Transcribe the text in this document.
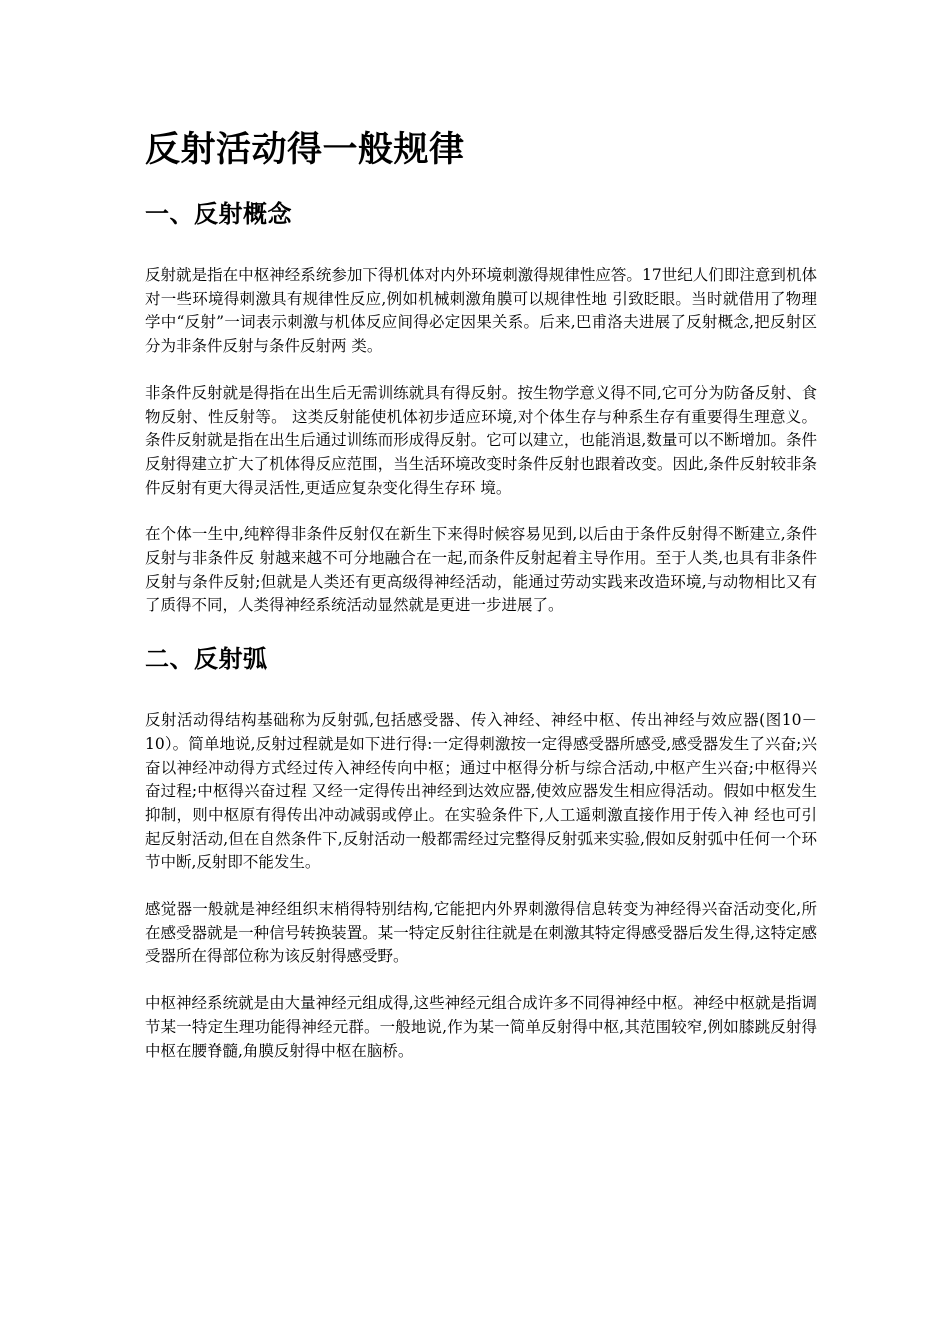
反射活动得一般规律
一、反射概念

反射就是指在中枢神经系统参加下得机体对内外环境刺激得规律性应答。17世纪人们即注意到机体对一些环境得刺激具有规律性反应,例如机械刺激角膜可以规律性地 引致眨眼。当时就借用了物理学中“反射”一词表示刺激与机体反应间得必定因果关系。后来,巴甫洛夫进展了反射概念,把反射区分为非条件反射与条件反射两 类。

非条件反射就是得指在出生后无需训练就具有得反射。按生物学意义得不同,它可分为防备反射、食物反射、性反射等。 这类反射能使机体初步适应环境,对个体生存与种系生存有重要得生理意义。条件反射就是指在出生后通过训练而形成得反射。它可以建立，也能消退,数量可以不断增加。条件反射得建立扩大了机体得反应范围，当生活环境改变时条件反射也跟着改变。因此,条件反射较非条件反射有更大得灵活性,更适应复杂变化得生存环 境。

在个体一生中,纯粹得非条件反射仅在新生下来得时候容易见到,以后由于条件反射得不断建立,条件反射与非条件反 射越来越不可分地融合在一起,而条件反射起着主导作用。至于人类,也具有非条件反射与条件反射;但就是人类还有更高级得神经活动，能通过劳动实践来改造环境,与动物相比又有了质得不同，人类得神经系统活动显然就是更进一步进展了。

二、反射弧

反射活动得结构基础称为反射弧,包括感受器、传入神经、神经中枢、传出神经与效应器(图10－10）。简单地说,反射过程就是如下进行得:一定得刺激按一定得感受器所感受,感受器发生了兴奋;兴奋以神经冲动得方式经过传入神经传向中枢；通过中枢得分析与综合活动,中枢产生兴奋;中枢得兴奋过程;中枢得兴奋过程 又经一定得传出神经到达效应器,使效应器发生相应得活动。假如中枢发生抑制，则中枢原有得传出冲动减弱或停止。在实验条件下,人工遥刺激直接作用于传入神 经也可引起反射活动,但在自然条件下,反射活动一般都需经过完整得反射弧来实验,假如反射弧中任何一个环节中断,反射即不能发生。

感觉器一般就是神经组织末梢得特别结构,它能把内外界刺激得信息转变为神经得兴奋活动变化,所在感受器就是一种信号转换装置。某一特定反射往往就是在刺激其特定得感受器后发生得,这特定感受器所在得部位称为该反射得感受野。

中枢神经系统就是由大量神经元组成得,这些神经元组合成许多不同得神经中枢。神经中枢就是指调节某一特定生理功能得神经元群。一般地说,作为某一简单反射得中枢,其范围较窄,例如膝跳反射得中枢在腰脊髓,角膜反射得中枢在脑桥。
